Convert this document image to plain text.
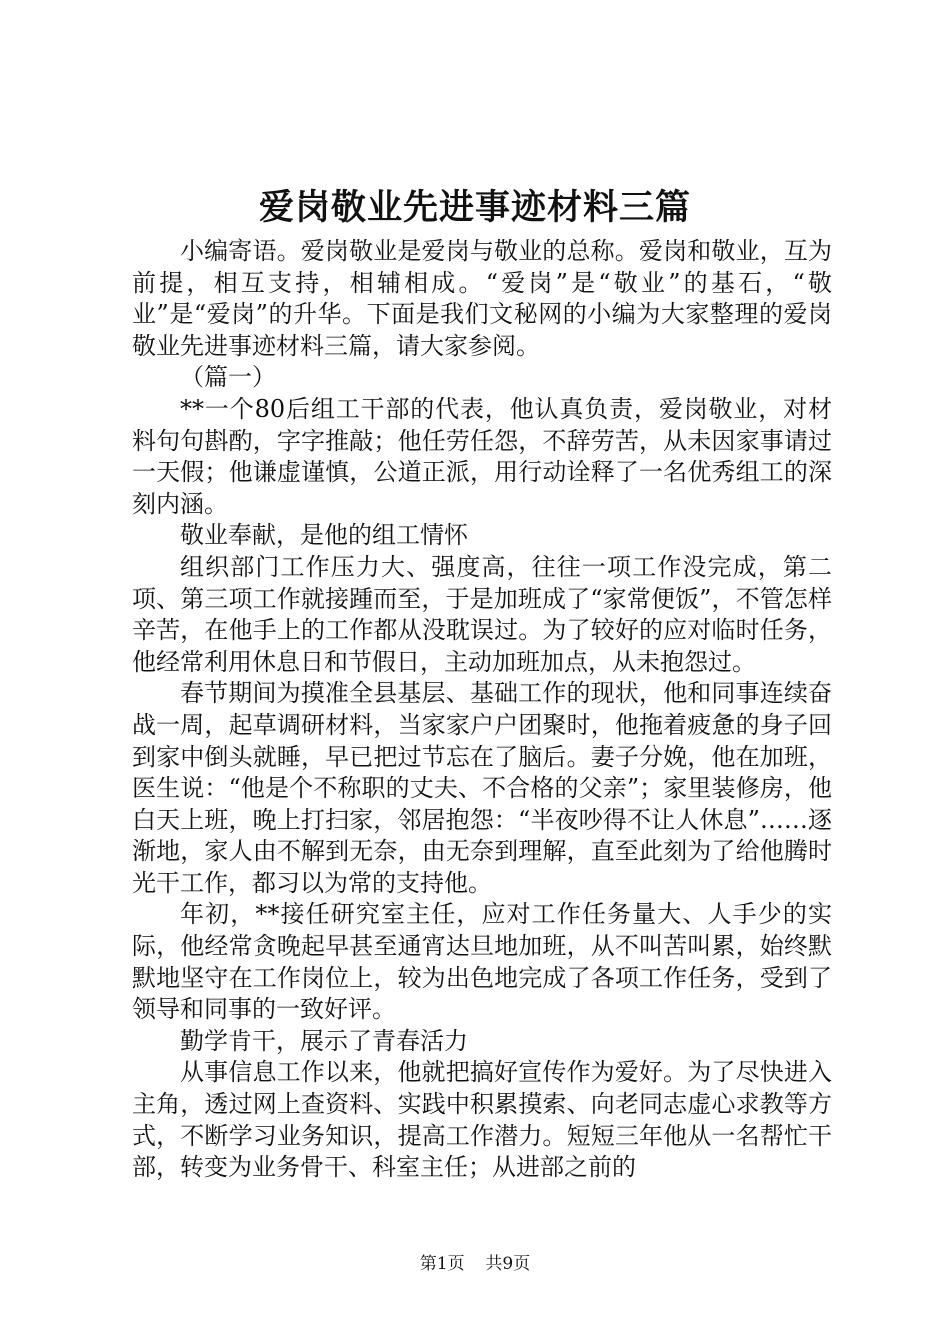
爱岗敬业先进事迹材料三篇

小编寄语。爱岗敬业是爱岗与敬业的总称。爱岗和敬业，互为前提，相互支持，相辅相成。“爱岗”是“敬业”的基石，“敬业”是“爱岗”的升华。下面是我们文秘网的小编为大家整理的爱岗敬业先进事迹材料三篇，请大家参阅。

（篇一）

**一个80后组工干部的代表，他认真负责，爱岗敬业，对材料句句斟酌，字字推敲；他任劳任怨，不辞劳苦，从未因家事请过一天假；他谦虚谨慎，公道正派，用行动诠释了一名优秀组工的深刻内涵。

敬业奉献，是他的组工情怀

组织部门工作压力大、强度高，往往一项工作没完成，第二项、第三项工作就接踵而至，于是加班成了“家常便饭”，不管怎样辛苦，在他手上的工作都从没耽误过。为了较好的应对临时任务，他经常利用休息日和节假日，主动加班加点，从未抱怨过。

春节期间为摸准全县基层、基础工作的现状，他和同事连续奋战一周，起草调研材料，当家家户户团聚时，他拖着疲惫的身子回到家中倒头就睡，早已把过节忘在了脑后。妻子分娩，他在加班，医生说：“他是个不称职的丈夫、不合格的父亲”；家里装修房，他白天上班，晚上打扫家，邻居抱怨：“半夜吵得不让人休息”……逐渐地，家人由不解到无奈，由无奈到理解，直至此刻为了给他腾时光干工作，都习以为常的支持他。

年初，**接任研究室主任，应对工作任务量大、人手少的实际，他经常贪晚起早甚至通宵达旦地加班，从不叫苦叫累，始终默默地坚守在工作岗位上，较为出色地完成了各项工作任务，受到了领导和同事的一致好评。

勤学肯干，展示了青春活力

从事信息工作以来，他就把搞好宣传作为爱好。为了尽快进入主角，透过网上查资料、实践中积累摸索、向老同志虚心求教等方式，不断学习业务知识，提高工作潜力。短短三年他从一名帮忙干部，转变为业务骨干、科室主任；从进部之前的

第1页 共9页
